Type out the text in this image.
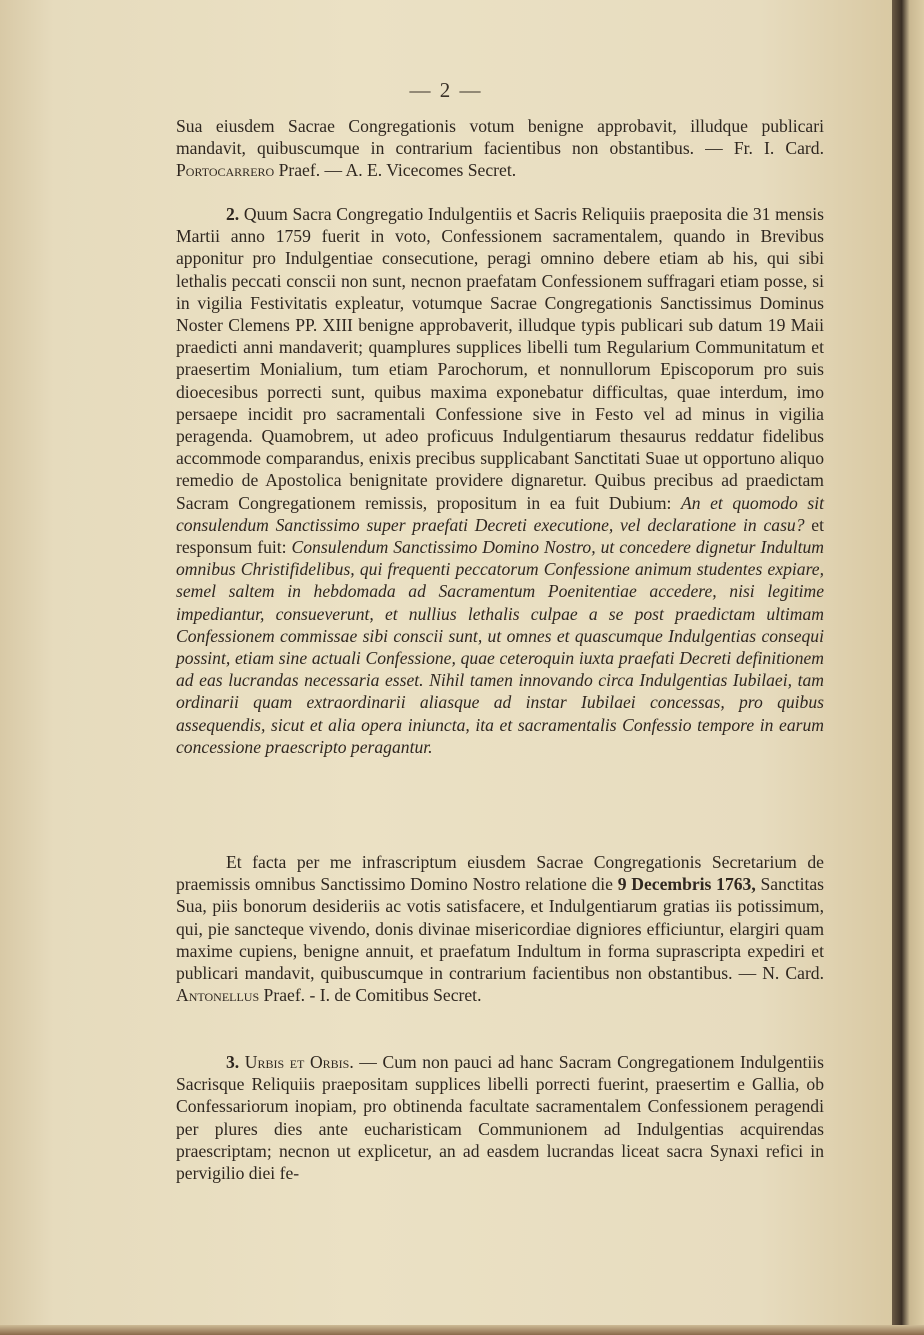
— 2 —
Sua eiusdem Sacrae Congregationis votum benigne approbavit, illudque publicari mandavit, quibuscumque in contrarium facientibus non obstantibus. — Fr. I. Card. Portocarrero Praef. — A. E. Vicecomes Secret.
2. Quum Sacra Congregatio Indulgentiis et Sacris Reliquiis praeposita die 31 mensis Martii anno 1759 fuerit in voto, Confessionem sacramentalem, quando in Brevibus apponitur pro Indulgentiae consecutione, peragi omnino debere etiam ab his, qui sibi lethalis peccati conscii non sunt, necnon praefatam Confessionem suffragari etiam posse, si in vigilia Festivitatis expleatur, votumque Sacrae Congregationis Sanctissimus Dominus Noster Clemens PP. XIII benigne approbaverit, illudque typis publicari sub datum 19 Maii praedicti anni mandaverit; quamplures supplices libelli tum Regularium Communitatum et praesertim Monialium, tum etiam Parochorum, et nonnullorum Episcoporum pro suis dioecesibus porrecti sunt, quibus maxima exponebatur difficultas, quae interdum, imo persaepe incidit pro sacramentali Confessione sive in Festo vel ad minus in vigilia peragenda. Quamobrem, ut adeo proficuus Indulgentiarum thesaurus reddatur fidelibus accommode comparandus, enixis precibus supplicabant Sanctitati Suae ut opportuno aliquo remedio de Apostolica benignitate providere dignaretur. Quibus precibus ad praedictam Sacram Congregationem remissis, propositum in ea fuit Dubium: An et quomodo sit consulendum Sanctissimo super praefati Decreti executione, vel declaratione in casu? et responsum fuit: Consulendum Sanctissimo Domino Nostro, ut concedere dignetur Indultum omnibus Christifidelibus, qui frequenti peccatorum Confessione animum studentes expiare, semel saltem in hebdomada ad Sacramentum Poenitentiae accedere, nisi legitime impediantur, consueverunt, et nullius lethalis culpae a se post praedictam ultimam Confessionem commissae sibi conscii sunt, ut omnes et quascumque Indulgentias consequi possint, etiam sine actuali Confessione, quae ceteroquin iuxta praefati Decreti definitionem ad eas lucrandas necessaria esset. Nihil tamen innovando circa Indulgentias Iubilaei, tam ordinarii quam extraordinarii aliasque ad instar Iubilaei concessas, pro quibus assequendis, sicut et alia opera iniuncta, ita et sacramentalis Confessio tempore in earum concessione praescripto peragantur.
Et facta per me infrascriptum eiusdem Sacrae Congregationis Secretarium de praemissis omnibus Sanctissimo Domino Nostro relatione die 9 Decembris 1763, Sanctitas Sua, piis bonorum desideriis ac votis satisfacere, et Indulgentiarum gratias iis potissimum, qui, pie sancteque vivendo, donis divinae misericordiae digniores efficiuntur, elargiri quam maxime cupiens, benigne annuit, et praefatum Indultum in forma suprascripta expediri et publicari mandavit, quibuscumque in contrarium facientibus non obstantibus. — N. Card. Antonellus Praef. - I. de Comitibus Secret.
3. Urbis et Orbis. — Cum non pauci ad hanc Sacram Congregationem Indulgentiis Sacrisque Reliquiis praepositam supplices libelli porrecti fuerint, praesertim e Gallia, ob Confessariorum inopiam, pro obtinenda facultate sacramentalem Confessionem peragendi per plures dies ante eucharisticam Communionem ad Indulgentias acquirendas praescriptam; necnon ut explicetur, an ad easdem lucrandas liceat sacra Synaxi refici in pervigilio diei fe-
